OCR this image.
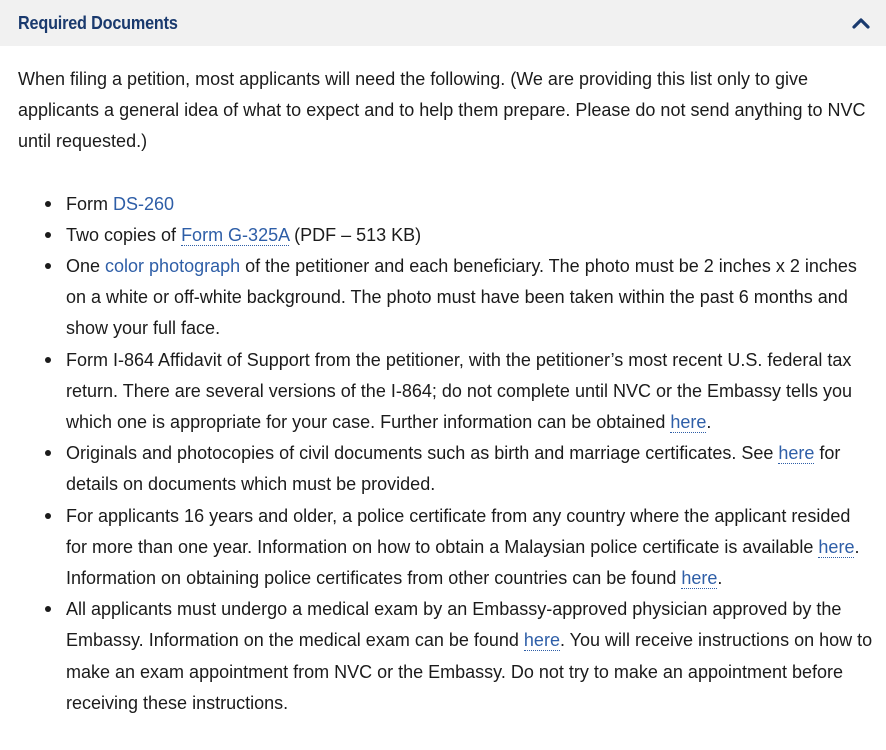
Required Documents

When filing a petition, most applicants will need the following. (We are providing this list only to give applicants a general idea of what to expect and to help them prepare. Please do not send anything to NVC until requested.)

Form DS-260
Two copies of Form G-325A (PDF – 513 KB)
One color photograph of the petitioner and each beneficiary. The photo must be 2 inches x 2 inches on a white or off-white background. The photo must have been taken within the past 6 months and show your full face.
Form I-864 Affidavit of Support from the petitioner, with the petitioner’s most recent U.S. federal tax return. There are several versions of the I-864; do not complete until NVC or the Embassy tells you which one is appropriate for your case. Further information can be obtained here.
Originals and photocopies of civil documents such as birth and marriage certificates. See here for details on documents which must be provided.
For applicants 16 years and older, a police certificate from any country where the applicant resided for more than one year. Information on how to obtain a Malaysian police certificate is available here. Information on obtaining police certificates from other countries can be found here.
All applicants must undergo a medical exam by an Embassy-approved physician approved by the Embassy. Information on the medical exam can be found here. You will receive instructions on how to make an exam appointment from NVC or the Embassy. Do not try to make an appointment before receiving these instructions.
